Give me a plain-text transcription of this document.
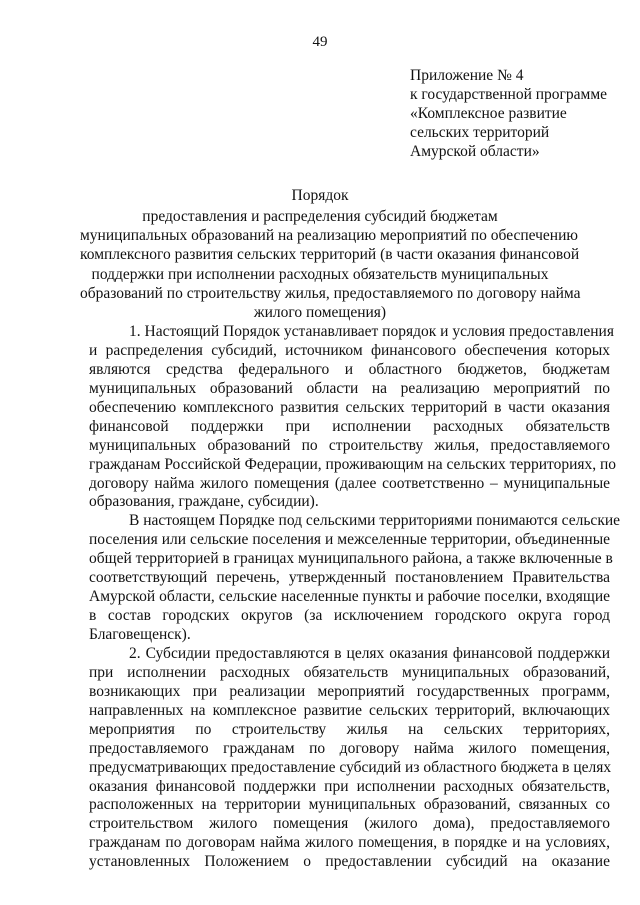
49
Приложение № 4
к государственной программе
«Комплексное развитие
сельских территорий
Амурской области»
Порядок
предоставления и распределения субсидий бюджетам
муниципальных образований на реализацию мероприятий по обеспечению
комплексного развития сельских территорий (в части оказания финансовой
поддержки при исполнении расходных обязательств муниципальных
образований по строительству жилья, предоставляемого по договору найма
жилого помещения)
1. Настоящий Порядок устанавливает порядок и условия предоставления
и распределения субсидий, источником финансового обеспечения которых
являются средства федерального и областного бюджетов, бюджетам
муниципальных образований области на реализацию мероприятий по
обеспечению комплексного развития сельских территорий в части оказания
финансовой поддержки при исполнении расходных обязательств
муниципальных образований по строительству жилья, предоставляемого
гражданам Российской Федерации, проживающим на сельских территориях, по
договору найма жилого помещения (далее соответственно – муниципальные
образования, граждане, субсидии).
В настоящем Порядке под сельскими территориями понимаются сельские
поселения или сельские поселения и межселенные территории, объединенные
общей территорией в границах муниципального района, а также включенные в
соответствующий перечень, утвержденный постановлением Правительства
Амурской области, сельские населенные пункты и рабочие поселки, входящие
в состав городских округов (за исключением городского округа город
Благовещенск).
2. Субсидии предоставляются в целях оказания финансовой поддержки
при исполнении расходных обязательств муниципальных образований,
возникающих при реализации мероприятий государственных программ,
направленных на комплексное развитие сельских территорий, включающих
мероприятия по строительству жилья на сельских территориях,
предоставляемого гражданам по договору найма жилого помещения,
предусматривающих предоставление субсидий из областного бюджета в целях
оказания финансовой поддержки при исполнении расходных обязательств,
расположенных на территории муниципальных образований, связанных со
строительством жилого помещения (жилого дома), предоставляемого
гражданам по договорам найма жилого помещения, в порядке и на условиях,
установленных Положением о предоставлении субсидий на оказание
